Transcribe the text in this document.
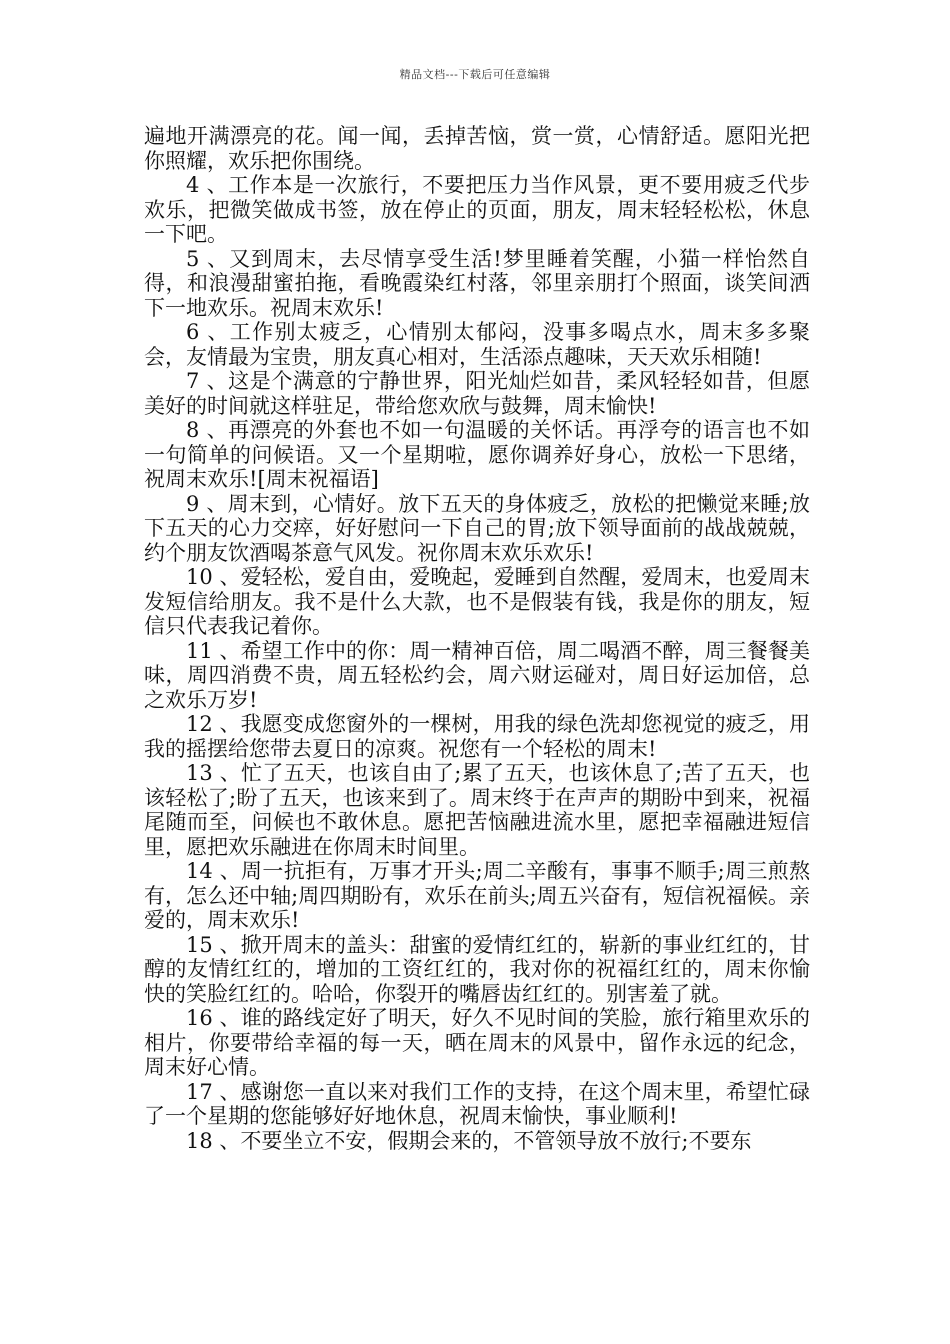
精品文档---下载后可任意编辑

遍地开满漂亮的花。闻一闻，丢掉苦恼，赏一赏，心情舒适。愿阳光把你照耀，欢乐把你围绕。

4 、工作本是一次旅行，不要把压力当作风景，更不要用疲乏代步欢乐，把微笑做成书签，放在停止的页面，朋友，周末轻轻松松，休息一下吧。

5 、又到周末，去尽情享受生活!梦里睡着笑醒，小猫一样怡然自得，和浪漫甜蜜拍拖，看晚霞染红村落，邻里亲朋打个照面，谈笑间洒下一地欢乐。祝周末欢乐!

6 、工作别太疲乏，心情别太郁闷，没事多喝点水，周末多多聚会，友情最为宝贵，朋友真心相对，生活添点趣味，天天欢乐相随!

7 、这是个满意的宁静世界，阳光灿烂如昔，柔风轻轻如昔，但愿美好的时间就这样驻足，带给您欢欣与鼓舞，周末愉快!

8 、再漂亮的外套也不如一句温暖的关怀话。再浮夸的语言也不如一句简单的问候语。又一个星期啦，愿你调养好身心，放松一下思绪，祝周末欢乐![周末祝福语]

9 、周末到，心情好。放下五天的身体疲乏，放松的把懒觉来睡;放下五天的心力交瘁，好好慰问一下自己的胃;放下领导面前的战战兢兢，约个朋友饮酒喝茶意气风发。祝你周末欢乐欢乐!

10 、爱轻松，爱自由，爱晚起，爱睡到自然醒，爱周末，也爱周末发短信给朋友。我不是什么大款，也不是假装有钱，我是你的朋友，短信只代表我记着你。

11 、希望工作中的你：周一精神百倍，周二喝酒不醉，周三餐餐美味，周四消费不贵，周五轻松约会，周六财运碰对，周日好运加倍，总之欢乐万岁!

12 、我愿变成您窗外的一棵树，用我的绿色洗却您视觉的疲乏，用我的摇摆给您带去夏日的凉爽。祝您有一个轻松的周末!

13 、忙了五天，也该自由了;累了五天，也该休息了;苦了五天，也该轻松了;盼了五天，也该来到了。周末终于在声声的期盼中到来，祝福尾随而至，问候也不敢休息。愿把苦恼融进流水里，愿把幸福融进短信里，愿把欢乐融进在你周末时间里。

14 、周一抗拒有，万事才开头;周二辛酸有，事事不顺手;周三煎熬有，怎么还中轴;周四期盼有，欢乐在前头;周五兴奋有，短信祝福候。亲爱的，周末欢乐!

15 、掀开周末的盖头：甜蜜的爱情红红的，崭新的事业红红的，甘醇的友情红红的，增加的工资红红的，我对你的祝福红红的，周末你愉快的笑脸红红的。哈哈，你裂开的嘴唇齿红红的。别害羞了就。

16 、谁的路线定好了明天，好久不见时间的笑脸，旅行箱里欢乐的相片，你要带给幸福的每一天，晒在周末的风景中，留作永远的纪念，周末好心情。

17 、感谢您一直以来对我们工作的支持，在这个周末里，希望忙碌了一个星期的您能够好好地休息，祝周末愉快，事业顺利!

18 、不要坐立不安，假期会来的，不管领导放不放行;不要东
